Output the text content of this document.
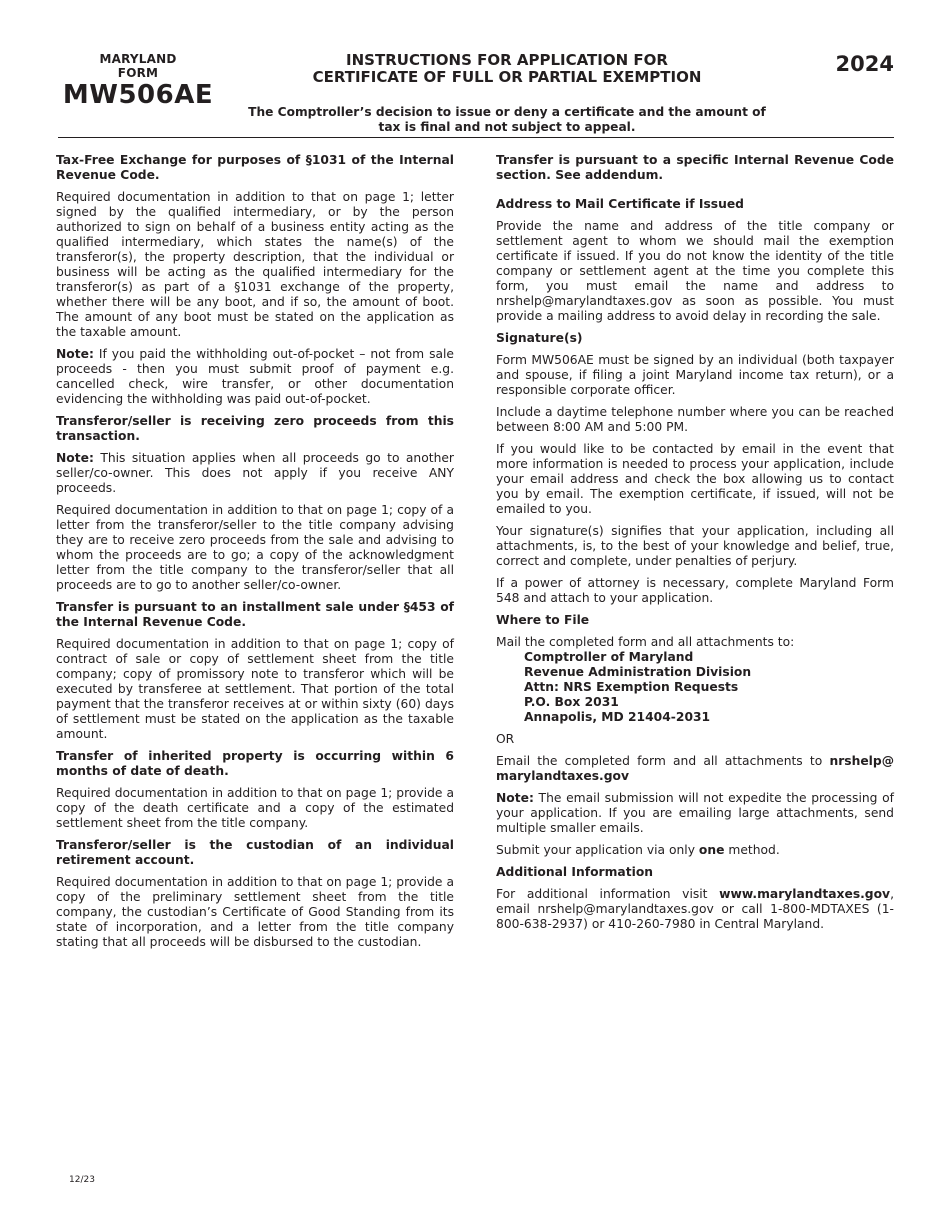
MARYLAND
FORM
MW506AE
INSTRUCTIONS FOR APPLICATION FOR
CERTIFICATE OF FULL OR PARTIAL EXEMPTION
2024
The Comptroller’s decision to issue or deny a certificate and the amount of
tax is final and not subject to appeal.

Tax-Free Exchange for purposes of §1031 of the Internal Revenue Code.

Required documentation in addition to that on page 1; letter signed by the qualified intermediary, or by the person authorized to sign on behalf of a business entity acting as the qualified intermediary, which states the name(s) of the transferor(s), the property description, that the individual or business will be acting as the qualified intermediary for the transferor(s) as part of a §1031 exchange of the property, whether there will be any boot, and if so, the amount of boot. The amount of any boot must be stated on the application as the taxable amount.

Note: If you paid the withholding out-of-pocket – not from sale proceeds - then you must submit proof of payment e.g. cancelled check, wire transfer, or other documentation evidencing the withholding was paid out-of-pocket.

Transferor/seller is receiving zero proceeds from this transaction.

Note: This situation applies when all proceeds go to another seller/co-owner. This does not apply if you receive ANY proceeds.

Required documentation in addition to that on page 1; copy of a letter from the transferor/seller to the title company advising they are to receive zero proceeds from the sale and advising to whom the proceeds are to go; a copy of the acknowledgment letter from the title company to the transferor/seller that all proceeds are to go to another seller/co-owner.

Transfer is pursuant to an installment sale under §453 of the Internal Revenue Code.

Required documentation in addition to that on page 1; copy of contract of sale or copy of settlement sheet from the title company; copy of promissory note to transferor which will be executed by transferee at settlement. That portion of the total payment that the transferor receives at or within sixty (60) days of settlement must be stated on the application as the taxable amount.

Transfer of inherited property is occurring within 6 months of date of death.

Required documentation in addition to that on page 1; provide a copy of the death certificate and a copy of the estimated settlement sheet from the title company.

Transferor/seller is the custodian of an individual retirement account.

Required documentation in addition to that on page 1; provide a copy of the preliminary settlement sheet from the title company, the custodian’s Certificate of Good Standing from its state of incorporation, and a letter from the title company stating that all proceeds will be disbursed to the custodian.

Transfer is pursuant to a specific Internal Revenue Code section. See addendum.

Address to Mail Certificate if Issued

Provide the name and address of the title company or settlement agent to whom we should mail the exemption certificate if issued. If you do not know the identity of the title company or settlement agent at the time you complete this form, you must email the name and address to nrshelp@marylandtaxes.gov as soon as possible. You must provide a mailing address to avoid delay in recording the sale.

Signature(s)

Form MW506AE must be signed by an individual (both taxpayer and spouse, if filing a joint Maryland income tax return), or a responsible corporate officer.

Include a daytime telephone number where you can be reached between 8:00 AM and 5:00 PM.

If you would like to be contacted by email in the event that more information is needed to process your application, include your email address and check the box allowing us to contact you by email. The exemption certificate, if issued, will not be emailed to you.

Your signature(s) signifies that your application, including all attachments, is, to the best of your knowledge and belief, true, correct and complete, under penalties of perjury.

If a power of attorney is necessary, complete Maryland Form 548 and attach to your application.

Where to File

Mail the completed form and all attachments to:

Comptroller of Maryland
Revenue Administration Division
Attn: NRS Exemption Requests
P.O. Box 2031
Annapolis, MD 21404-2031

OR

Email the completed form and all attachments to nrshelp@ marylandtaxes.gov

Note: The email submission will not expedite the processing of your application. If you are emailing large attachments, send multiple smaller emails.

Submit your application via only one method.

Additional Information

For additional information visit www.marylandtaxes.gov, email nrshelp@marylandtaxes.gov or call 1-800-MDTAXES (1-800-638-2937) or 410-260-7980 in Central Maryland.

12/23
